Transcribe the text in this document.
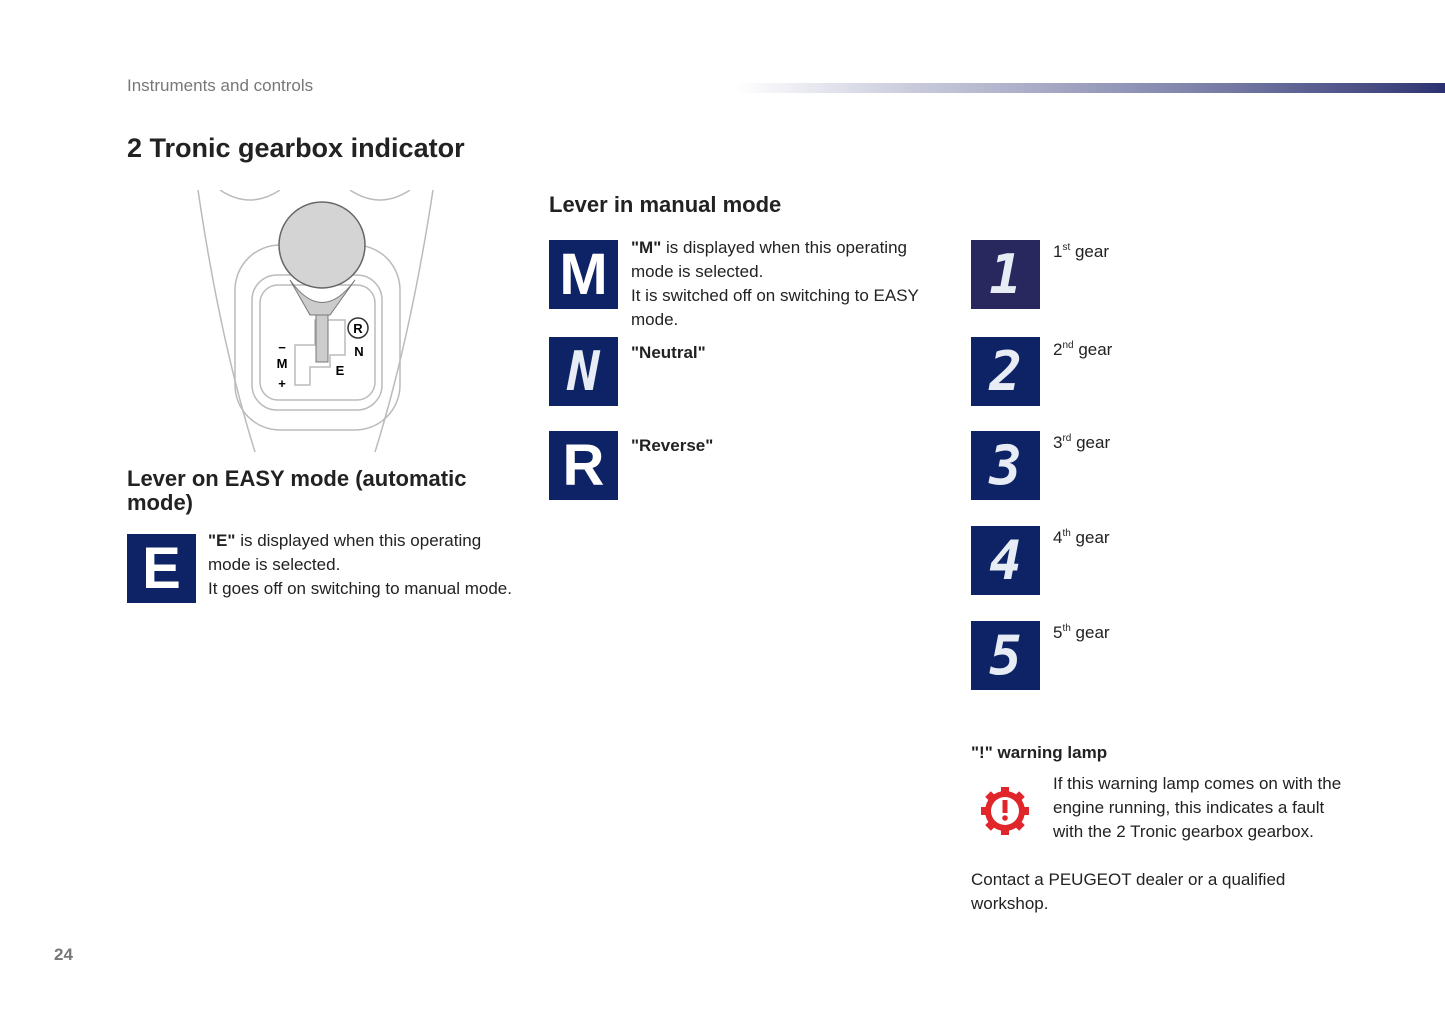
Instruments and controls
2 Tronic gearbox indicator
R
N
E
M
−
+
Lever on EASY mode (automatic mode)
E	"E" is displayed when this operating mode is selected.
It goes off on switching to manual mode.
Lever in manual mode
M	"M" is displayed when this operating mode is selected.
It is switched off on switching to EASY mode.
N	"Neutral"
R	"Reverse"
1	1st gear
2	2nd gear
3	3rd gear
4	4th gear
5	5th gear
"!" warning lamp
If this warning lamp comes on with the engine running, this indicates a fault with the 2 Tronic gearbox gearbox.
Contact a PEUGEOT dealer or a qualified workshop.
24
